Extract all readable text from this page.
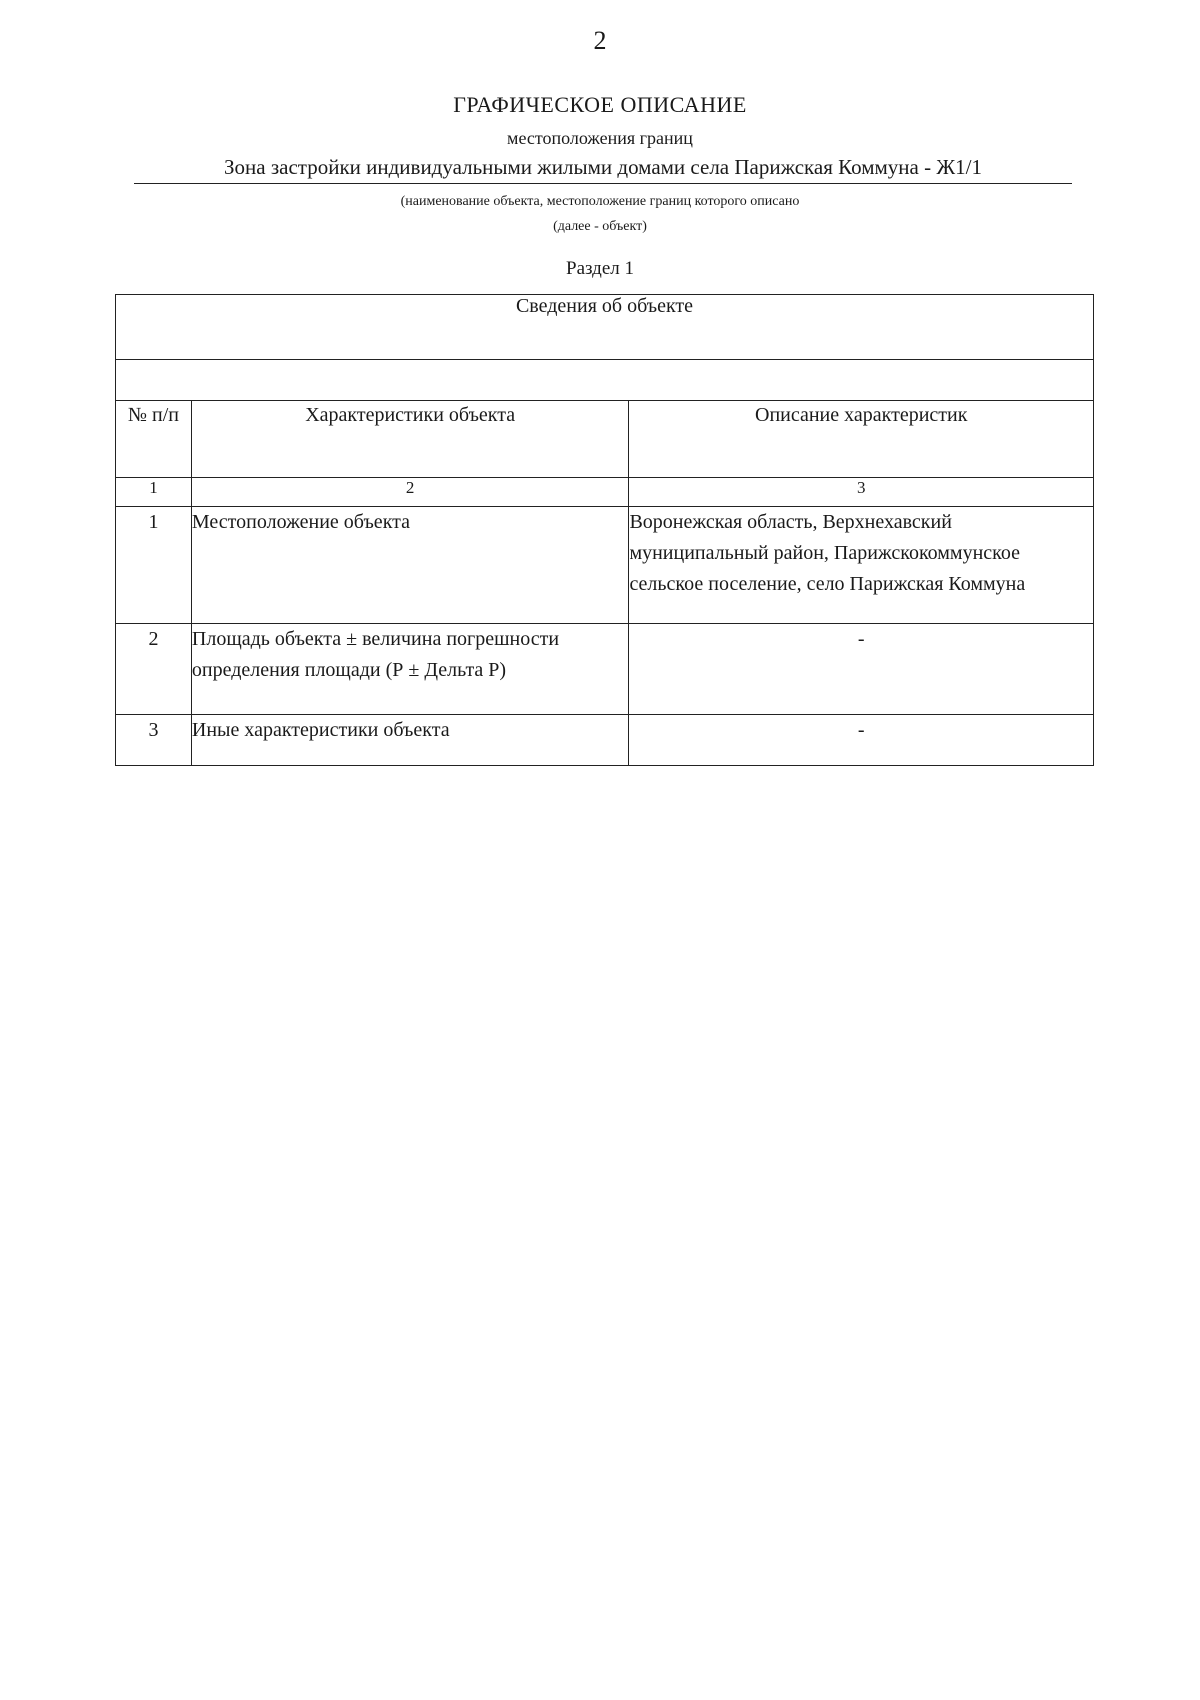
2
ГРАФИЧЕСКОЕ ОПИСАНИЕ
местоположения границ
Зона застройки индивидуальными жилыми домами села Парижская Коммуна - Ж1/1
(наименование объекта, местоположение границ которого описано
(далее - объект)
Раздел 1
Сведения об объекте		

№ п/п	Характеристики объекта	Описание характеристик
1	2	3
1	Местоположение объекта	Воронежская область, Верхнехавский муниципальный район, Парижскокоммунское сельское поселение, село Парижская Коммуна
2	Площадь объекта ± величина погрешности определения площади (Р ± Дельта Р)	-
3	Иные характеристики объекта	-
